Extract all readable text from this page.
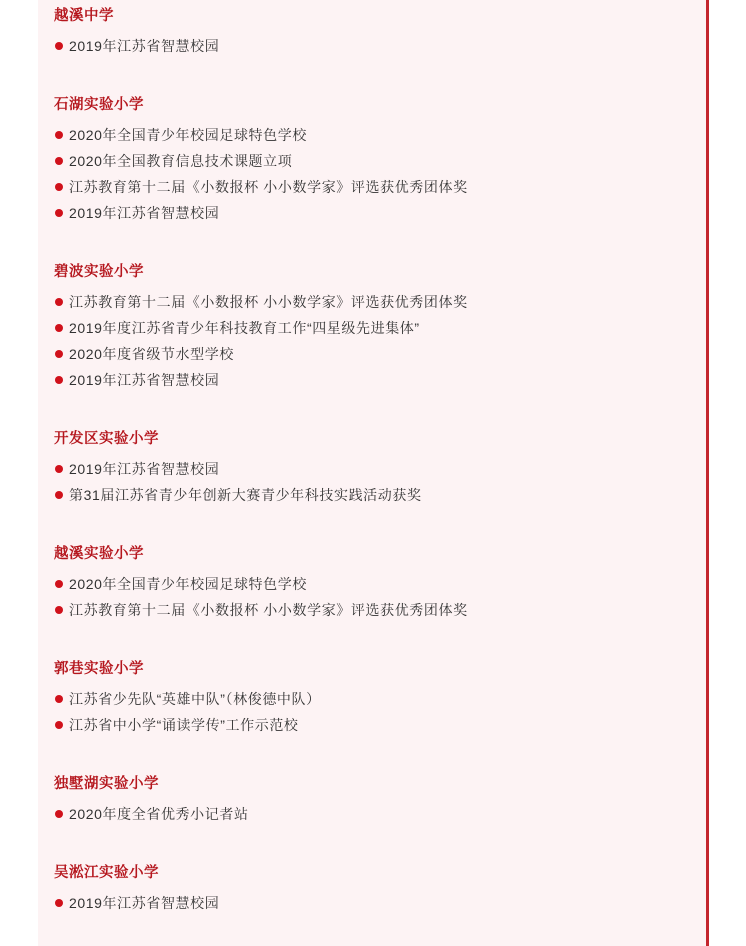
越溪中学
2019年江苏省智慧校园
石湖实验小学
2020年全国青少年校园足球特色学校
2020年全国教育信息技术课题立项
江苏教育第十二届《小数报杯 小小数学家》评选获优秀团体奖
2019年江苏省智慧校园
碧波实验小学
江苏教育第十二届《小数报杯 小小数学家》评选获优秀团体奖
2019年度江苏省青少年科技教育工作“四星级先进集体”
2020年度省级节水型学校
2019年江苏省智慧校园
开发区实验小学
2019年江苏省智慧校园
第31届江苏省青少年创新大赛青少年科技实践活动获奖
越溪实验小学
2020年全国青少年校园足球特色学校
江苏教育第十二届《小数报杯 小小数学家》评选获优秀团体奖
郭巷实验小学
江苏省少先队“英雄中队”（林俊德中队）
江苏省中小学“诵读学传”工作示范校
独墅湖实验小学
2020年度全省优秀小记者站
吴淞江实验小学
2019年江苏省智慧校园
